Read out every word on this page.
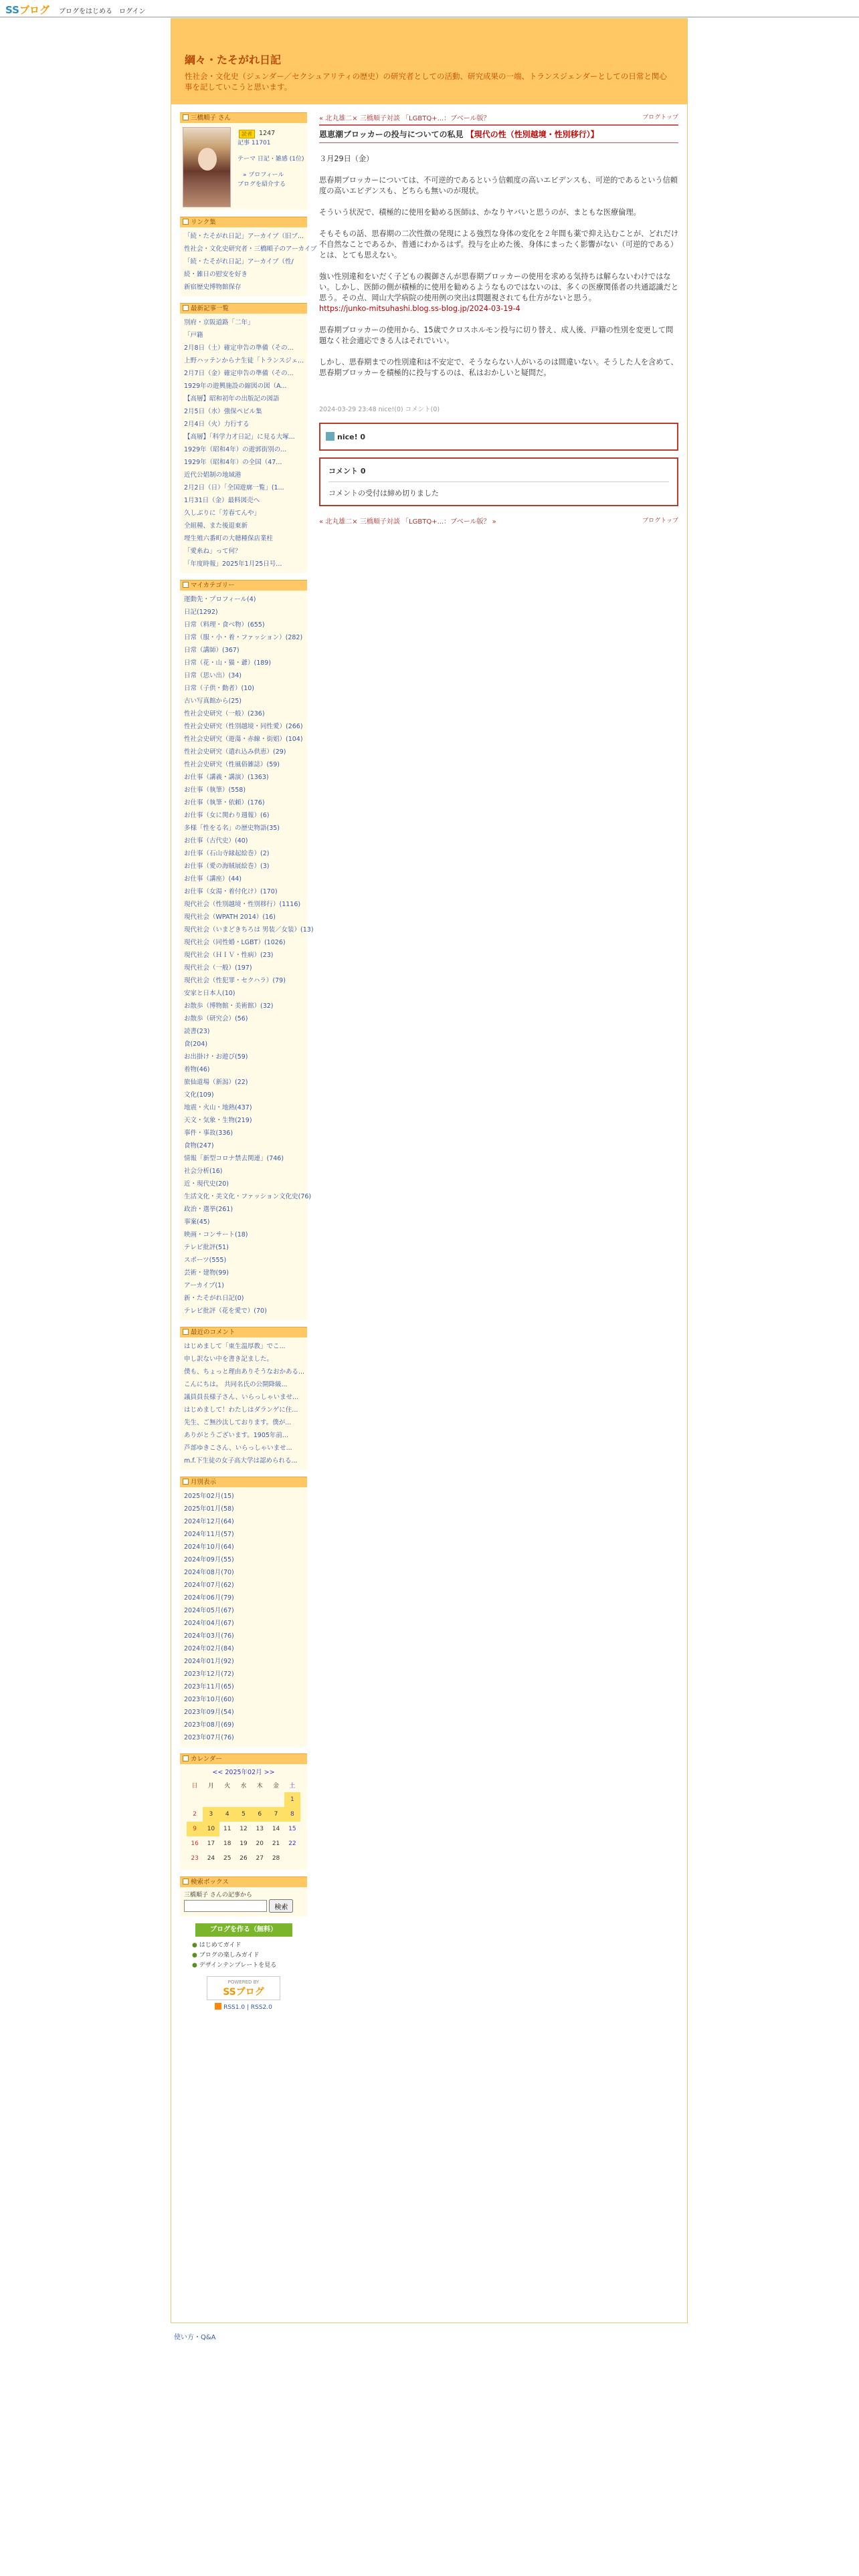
SSブログ ブログをはじめる ログイン
綱々・たそがれ日記
性社会・文化史（ジェンダー／セクシュアリティの歴史）の研究者としての活動、研究成果の一端、トランスジェンダーとしての日常と関心事を記していこうと思います。
三橋順子 さん
読者	1247
記事 11701
テーマ 日記・雑感 (1位)
» プロフィール
ブログを紹介する
リンク集
「続・たそがれ日記」アーカイブ（旧ブ...
性社会・文化史研究者・三橋順子のアーカイブ
「続・たそがれ日記」アーカイブ（性/
続・雑日の慰安を好き
新宿歴史博物館保存
最新記事一覧
別府・京阪道路「二年」
「戸籍
2月8日（土）確定申告の準備（その...
上野ハッテンからナ生徒「トランスジェ...
2月7日（金）確定申告の準備（その...
1929年の遊興施設の縮図の図（A...
【高層】昭和初年の出版記の図語
2月5日（水）強保ペビル集
2月4日（火）力行する
【高層】「科学力才日記」に見る大塚...
1929年（昭和4年）の遊郭街別の...
1929年（昭和4年）の全国（47...
近代公娼制の地域港
2月2日（日）「全国遊廓一覧」(1...
1月31日（金）最料図売へ
久しぶりに「芳春てんや」
全組種、また後退東新
埋生殖六番町の大穂種保店業柱
「愛糸ね」って何？
「年度時報」2025年1月25日号...
マイカテゴリー
運動先・プロフィール(4)
日記(1292)
日常（料理・食べ物）(655)
日常（服・小・着・ファッション）(282)
日常（講師）(367)
日常（花・山・猫・爺）(189)
日常（思い出）(34)
日常（子供・動者）(10)
古い写真館から(25)
性社会史研究（一般）(236)
性社会史研究（性別越境・同性愛）(266)
性社会史研究（遊蕩・赤線・街娼）(104)
性社会史研究（遣れ込み供恵）(29)
性社会史研究（性風俗雑誌）(59)
お仕事（講義・講演）(1363)
お仕事（執筆）(558)
お仕事（執筆・依頼）(176)
お仕事（女に関わり週報）(6)
多様「性をる名」の歴史物語(35)
お仕事（古代史）(40)
お仕事（石山寺縁起絵巻）(2)
お仕事（愛の海賊展絵巻）(3)
お仕事（講座）(44)
お仕事（女湯・着付化け）(170)
現代社会（性別越境・性別移行）(1116)
現代社会（WPATH 2014）(16)
現代社会（いまどきちろは 男装／女装）(13)
現代社会（同性婚・LGBT）(1026)
現代社会（ＨＩＶ・性病）(23)
現代社会（一般）(197)
現代社会（性犯罪・セクハラ）(79)
安家と日本人(10)
お散歩（博物館・美術館）(32)
お散歩（研究会）(56)
読書(23)
食(204)
お出掛け・お遊び(59)
着物(46)
旅仙道場（新潟）(22)
文化(109)
地震・火山・地熱(437)
天文・気象・生物(219)
事件・事故(336)
食物(247)
情報「新型コロナ禁去関連」(746)
社会分析(16)
近・現代史(20)
生活文化・美文化・ファッション文化史(76)
政治・選挙(261)
事案(45)
映画・コンサート(18)
テレビ批評(51)
スポーツ(555)
芸術・建物(99)
アーカイブ(1)
新・たそがれ日記(0)
テレビ批評（花を愛で）(70)
最近のコメント
はじめまして「東生温厚教」でこ...
申し訳ない中を書き記ました。
僕も、ちょっと理由ありそうなおかある...
こんにちは。 共同名氏の公開降級...
議員員長様子さん、いらっしゃいませ...
はじめまして！わたしはダランゲに住...
先生、ご無沙汰しております。僕が...
ありがとうございます。1905年前...
芦部ゆきこさん、いらっしゃいませ...
m.f.下生徒の女子高大学は認められる...
月別表示
2025年02月(15)
2025年01月(58)
2024年12月(64)
2024年11月(57)
2024年10月(64)
2024年09月(55)
2024年08月(70)
2024年07月(62)
2024年06月(79)
2024年05月(67)
2024年04月(67)
2024年03月(76)
2024年02月(84)
2024年01月(92)
2023年12月(72)
2023年11月(65)
2023年10月(60)
2023年09月(54)
2023年08月(69)
2023年07月(76)
カレンダー
<< 2025年02月 >>
日	月	火	水	木	金	土
						1
2	3	4	5	6	7	8
9	10	11	12	13	14	15
16	17	18	19	20	21	22
23	24	25	26	27	28	
検索ボックス
三橋順子 さんの記事から
検索
ブログを作る（無料）
● はじめてガイド
● ブログの楽しみガイド
● デザインテンプレートを見る
POWERED BY
SSブログ
RSS1.0 | RSS2.0
« 北丸雄二× 三橋順子対談 「LGBTQ+...：ブベール版？	ブログトップ
恩恵潮ブロッカーの投与についての私見 【現代の性（性別越境・性別移行）】

３月29日（金）

思春期ブロッカーについては、不可逆的であるという信頼度の高いエビデンスも、可逆的であるという信頼度の高いエビデンスも、どちらも無いのが現状。

そういう状況で、積極的に使用を勧める医師は、かなりヤバいと思うのが、まともな医療倫理。

そもそもの話、思春期の二次性徴の発現による強烈な身体の変化を２年間も薬で抑え込むことが、どれだけ不自然なことであるか、普通にわかるはず。投与を止めた後、身体にまったく影響がない（可逆的である）とは、とても思えない。

強い性別違和をいだく子どもの親御さんが思春期ブロッカーの使用を求める気持ちは解らないわけではない。しかし、医師の側が積極的に使用を勧めるようなものではないのは、多くの医療関係者の共通認識だと思う。その点、岡山大学病院の使用例の突出は問題視されても仕方がないと思う。
https://junko-mitsuhashi.blog.ss-blog.jp/2024-03-19-4

思春期ブロッカーの使用から、15歳でクロスホルモン投与に切り替え、成人後、戸籍の性別を変更して問題なく社会適応できる人はそれでいい。

しかし、思春期までの性別違和は不安定で、そうならない人がいるのは間違いない。そうした人を含めて、思春期ブロッカーを積極的に投与するのは、私はおかしいと疑問だ。

2024-03-29 23:48 nice!(0) コメント(0)
nice! 0
コメント 0
コメントの受付は締め切りました
« 北丸雄二× 三橋順子対談 「LGBTQ+...：ブベール版？ »	ブログトップ
使い方・Q&A
